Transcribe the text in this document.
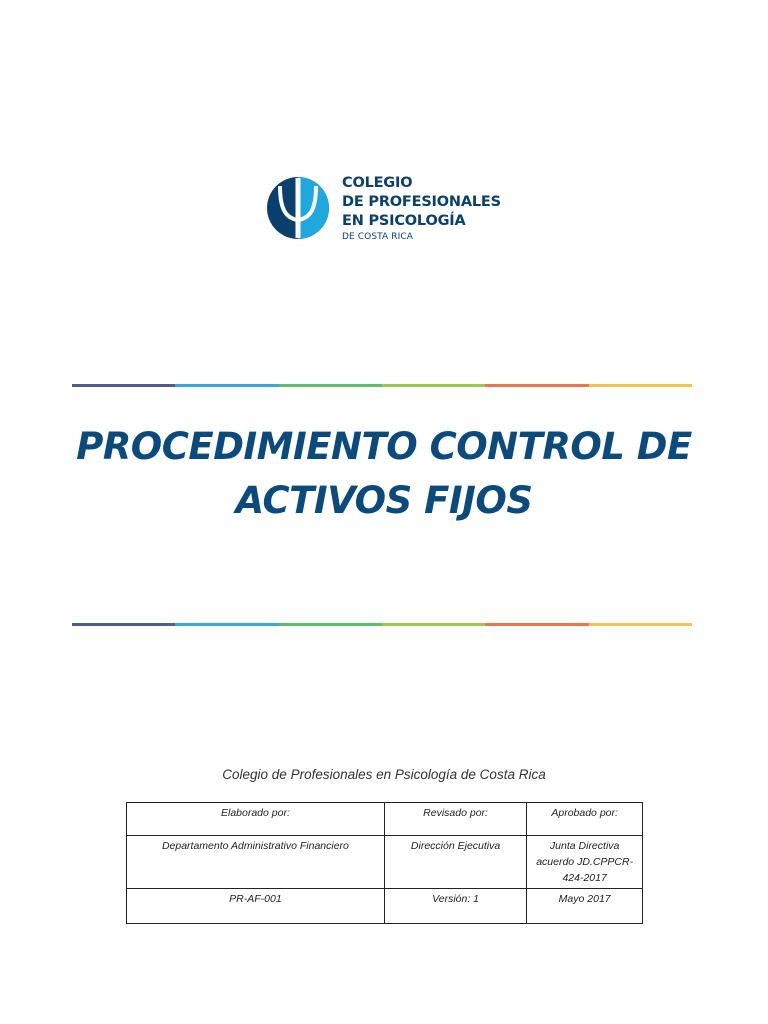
COLEGIO
DE PROFESIONALES
EN PSICOLOGÍA
DE COSTA RICA
PROCEDIMIENTO CONTROL DE
ACTIVOS FIJOS
Colegio de Profesionales en Psicología de Costa Rica
Elaborado por:	Revisado por:	Aprobado por:
Departamento Administrativo Financiero	Dirección Ejecutiva	Junta Directiva
acuerdo JD.CPPCR-
424-2017

PR-AF-001	Versión: 1	Mayo 2017
